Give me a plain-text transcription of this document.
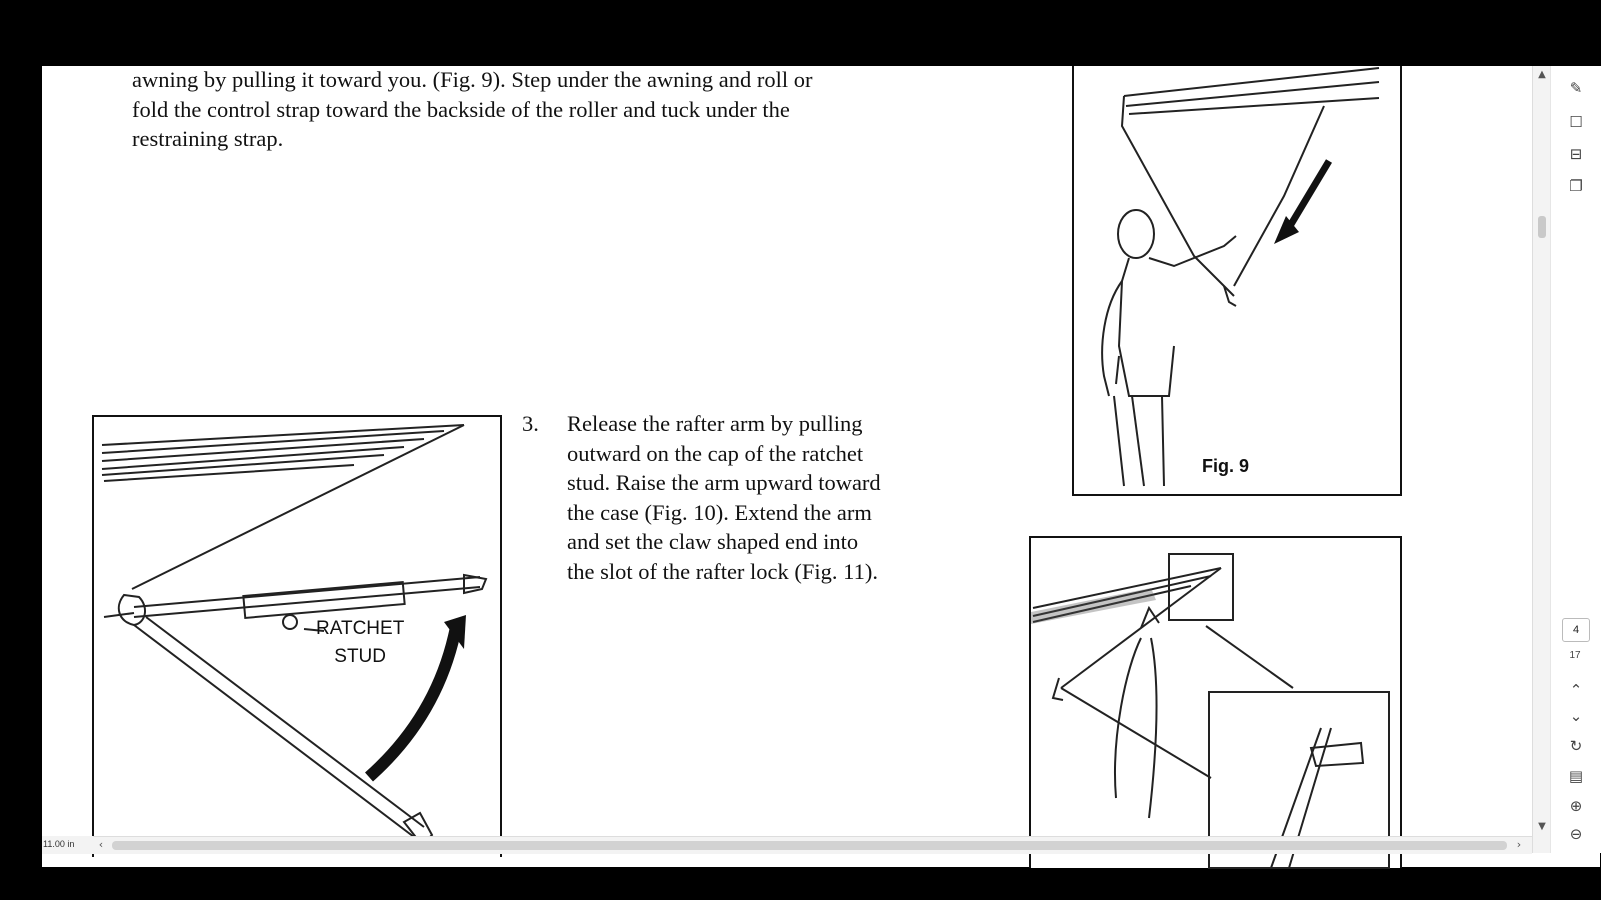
awning by pulling it toward you. (Fig. 9). Step under the awning and roll or
fold the control strap toward the backside of the roller and tuck under the
restraining strap.
3. Release the rafter arm by pulling
outward on the cap of the ratchet
stud. Raise the arm upward toward
the case (Fig. 10). Extend the arm
and set the claw shaped end into
the slot of the rafter lock (Fig. 11).
RATCHET
STUD
Fig. 9
▲
▼
‹	›
11.00 in
✎
☐
⊟
❐
4
17
⌃
⌄
↻
▤
⊕
⊖
